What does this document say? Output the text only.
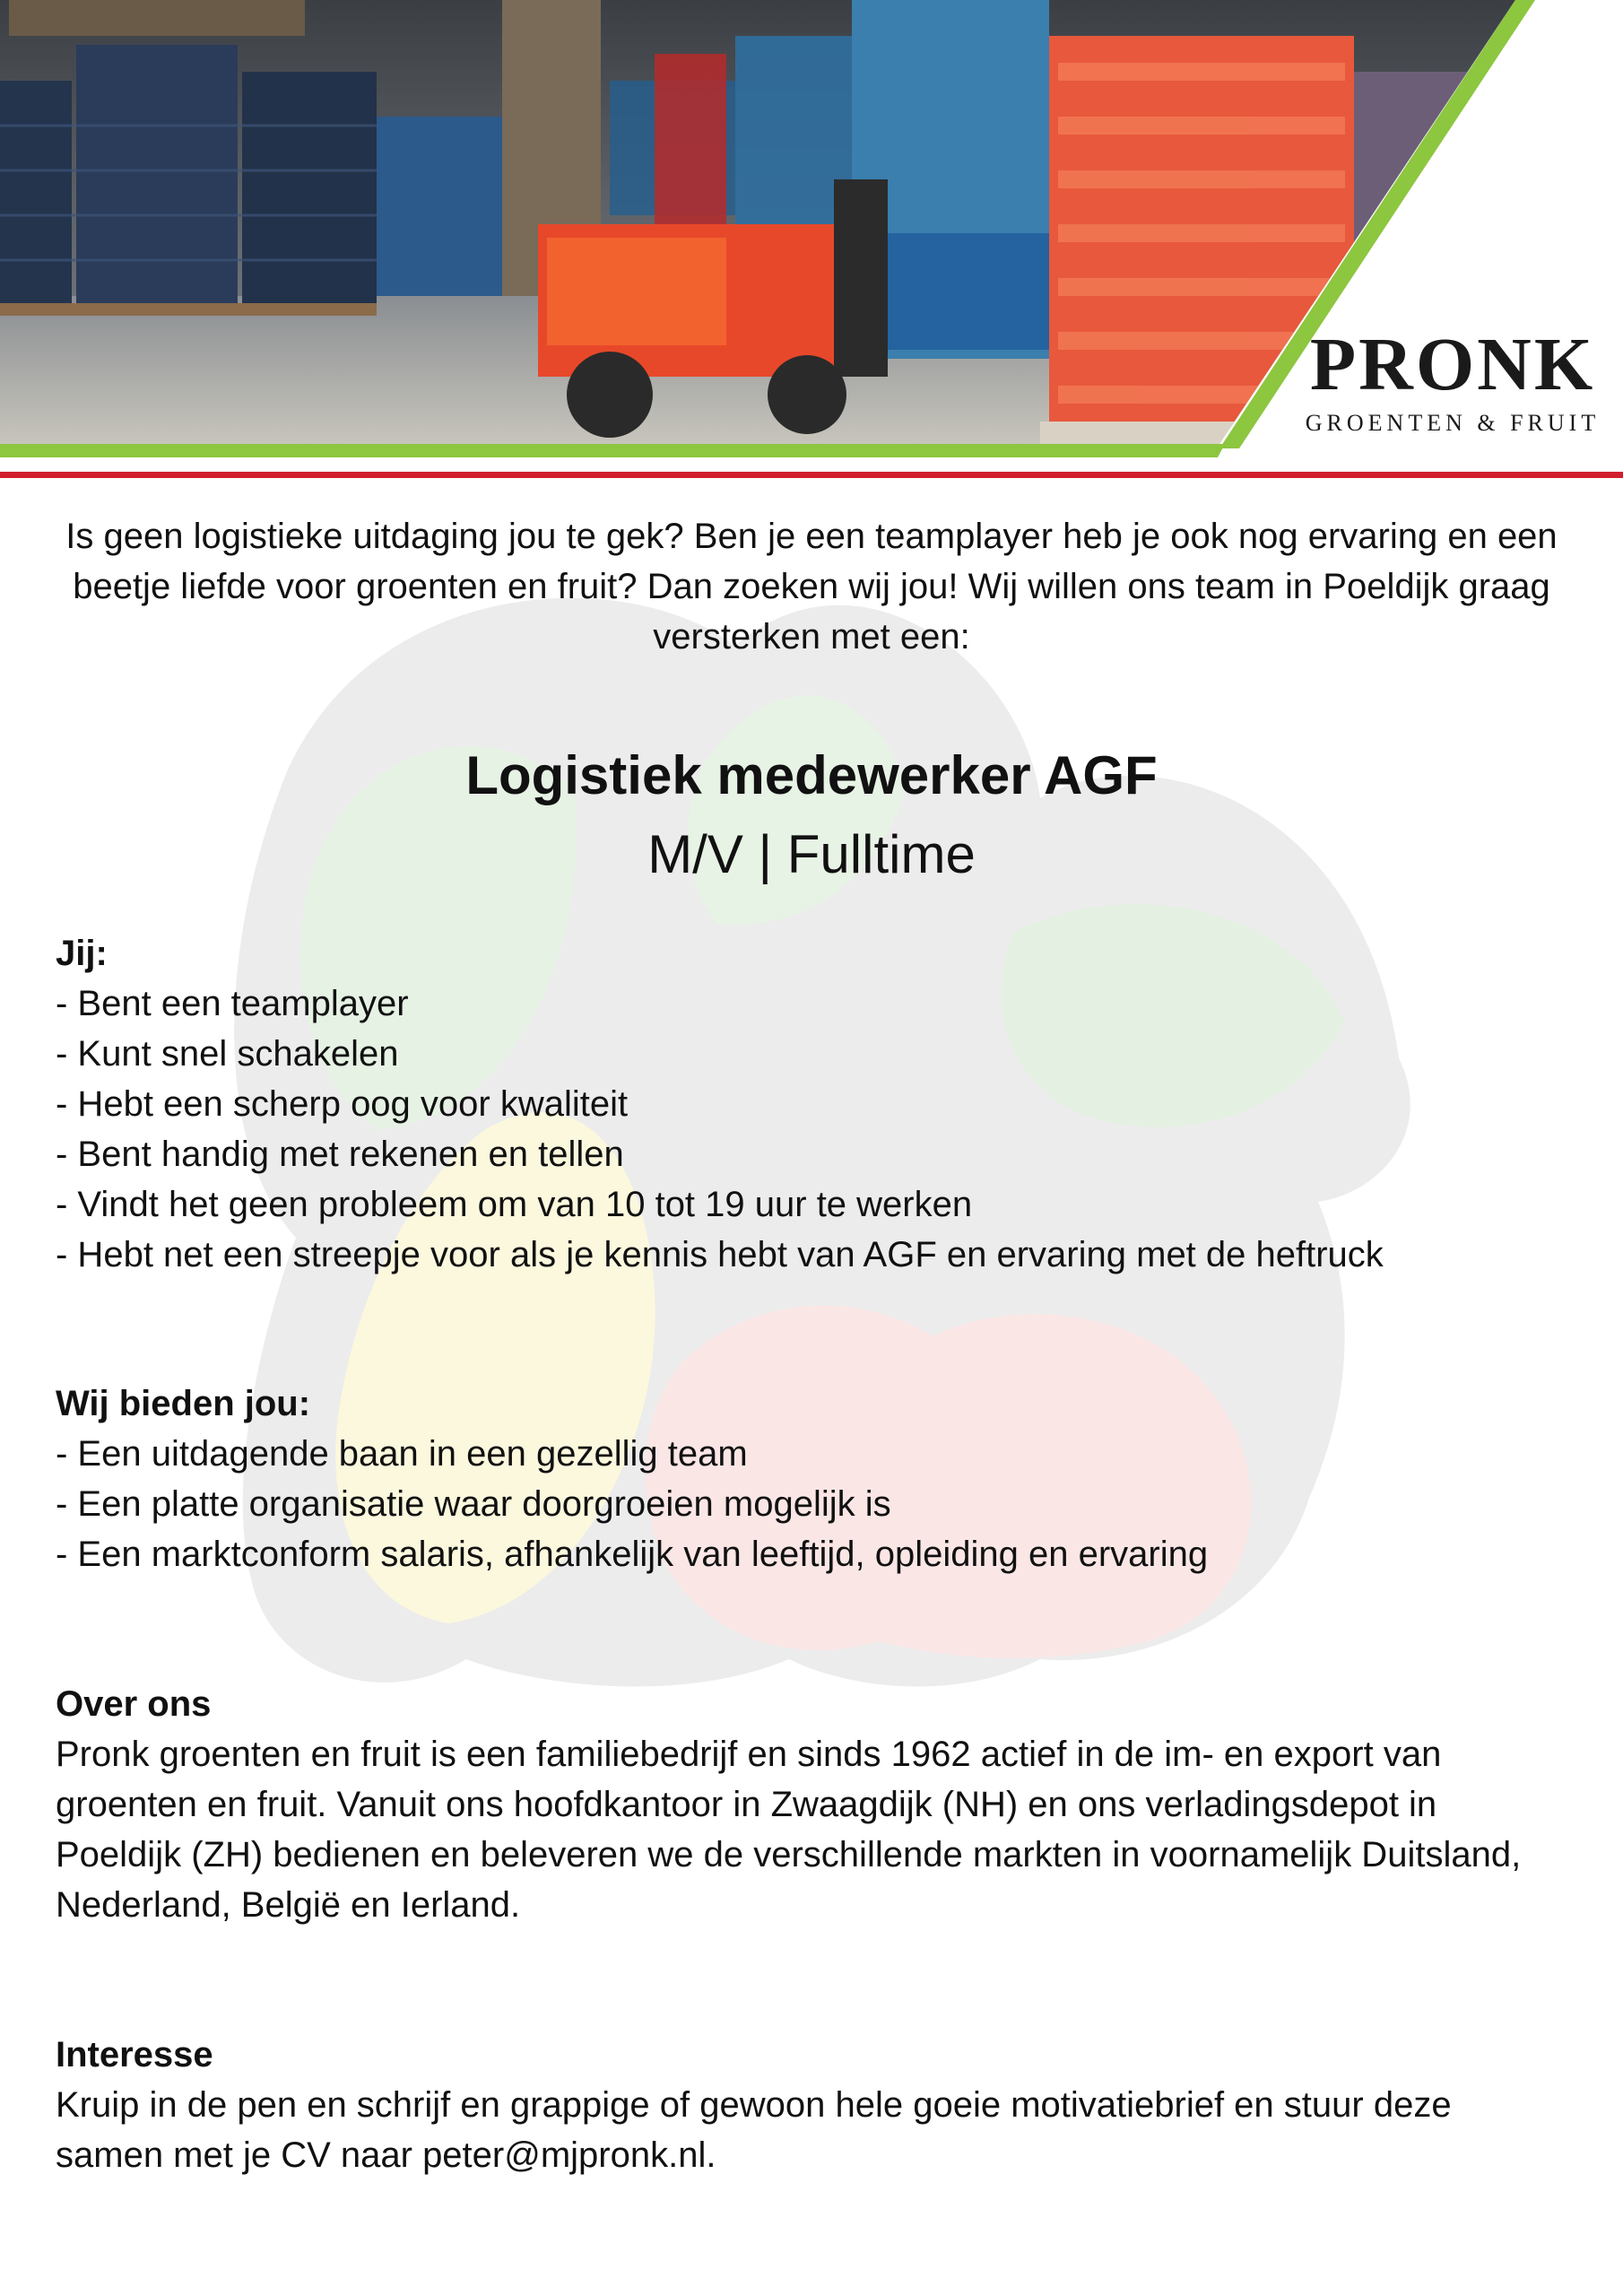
PRONK
GROENTEN & FRUIT

Is geen logistieke uitdaging jou te gek? Ben je een teamplayer heb je ook nog ervaring en een beetje liefde voor groenten en fruit? Dan zoeken wij jou! Wij willen ons team in Poeldijk graag versterken met een:

Logistiek medewerker AGF
M/V | Fulltime
Jij:
- Bent een teamplayer
- Kunt snel schakelen
- Hebt een scherp oog voor kwaliteit
- Bent handig met rekenen en tellen
- Vindt het geen probleem om van 10 tot 19 uur te werken
- Hebt net een streepje voor als je kennis hebt van AGF en ervaring met de heftruck
Wij bieden jou:
- Een uitdagende baan in een gezellig team
- Een platte organisatie waar doorgroeien mogelijk is
- Een marktconform salaris, afhankelijk van leeftijd, opleiding en ervaring
Over ons

Pronk groenten en fruit is een familiebedrijf en sinds 1962 actief in de im- en export van groenten en fruit. Vanuit ons hoofdkantoor in Zwaagdijk (NH) en ons verladingsdepot in Poeldijk (ZH) bedienen en beleveren we de verschillende markten in voornamelijk Duitsland, Nederland, België en Ierland.

Interesse

Kruip in de pen en schrijf en grappige of gewoon hele goeie motivatiebrief en stuur deze samen met je CV naar peter@mjpronk.nl.
